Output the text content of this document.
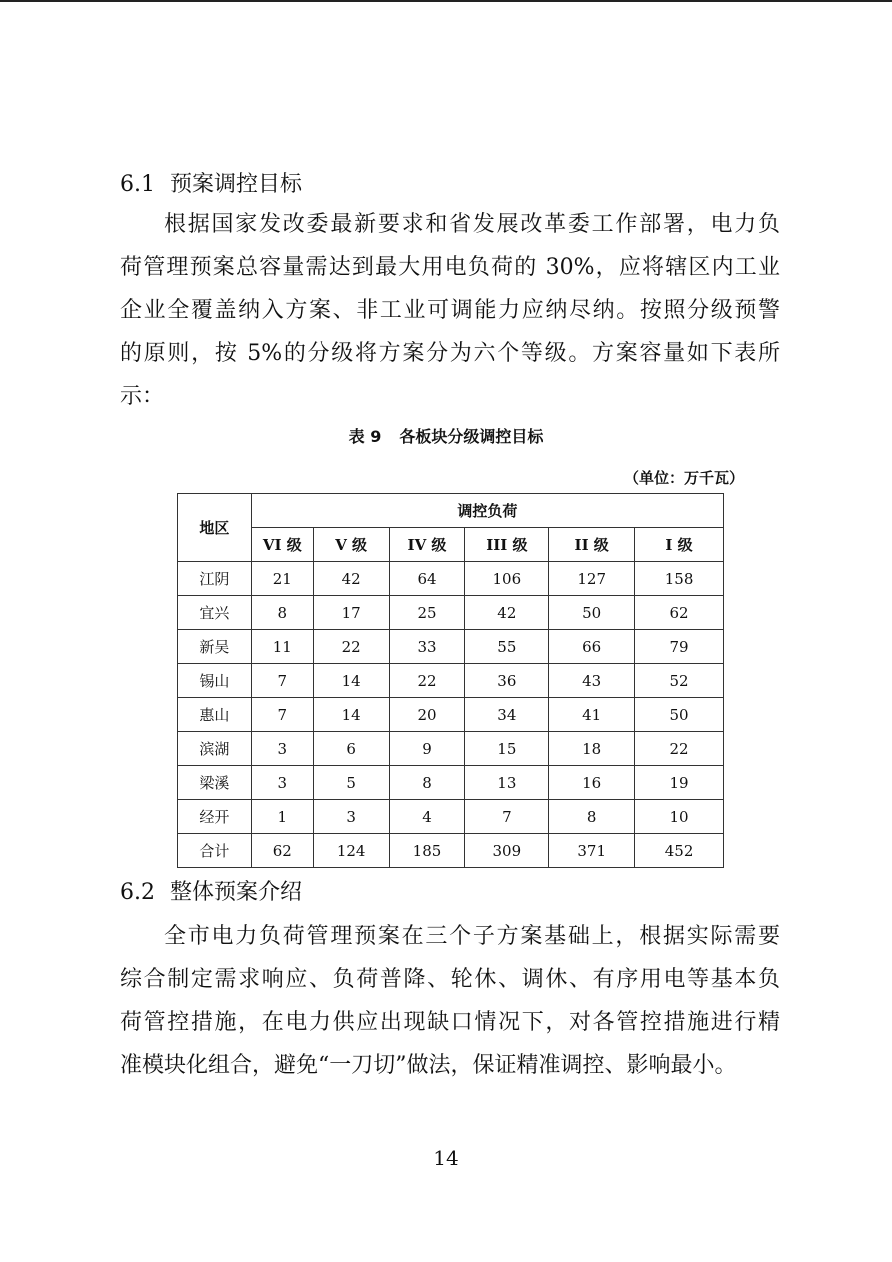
6.1 预案调控目标
根据国家发改委最新要求和省发展改革委工作部署，电力负
荷管理预案总容量需达到最大用电负荷的 30%，应将辖区内工业
企业全覆盖纳入方案、非工业可调能力应纳尽纳。按照分级预警
的原则，按 5%的分级将方案分为六个等级。方案容量如下表所
示：
表 9 各板块分级调控目标
（单位：万千瓦）
地区	调控负荷					
	VI 级	V 级	IV 级	III 级	II 级	I 级
江阴	21	42	64	106	127	158
宜兴	8	17	25	42	50	62
新吴	11	22	33	55	66	79
锡山	7	14	22	36	43	52
惠山	7	14	20	34	41	50
滨湖	3	6	9	15	18	22
梁溪	3	5	8	13	16	19
经开	1	3	4	7	8	10
合计	62	124	185	309	371	452
6.2 整体预案介绍
全市电力负荷管理预案在三个子方案基础上，根据实际需要
综合制定需求响应、负荷普降、轮休、调休、有序用电等基本负
荷管控措施，在电力供应出现缺口情况下，对各管控措施进行精
准模块化组合，避免“一刀切”做法，保证精准调控、影响最小。
14
